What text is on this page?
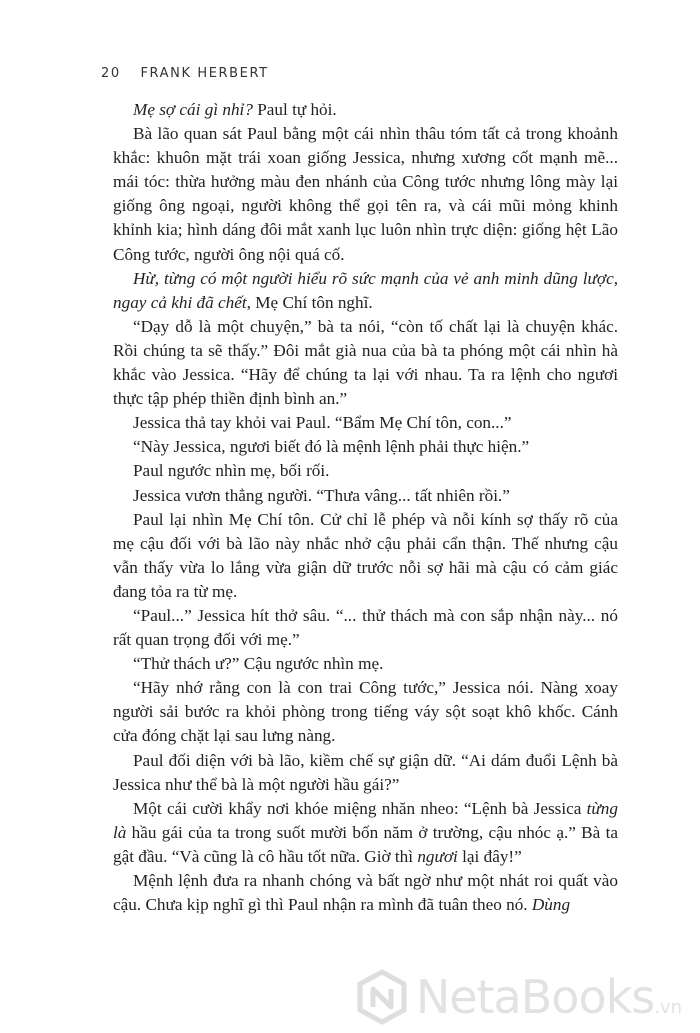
20 FRANK HERBERT

Mẹ sợ cái gì nhỉ? Paul tự hỏi.

Bà lão quan sát Paul bằng một cái nhìn thâu tóm tất cả trong khoảnh khắc: khuôn mặt trái xoan giống Jessica, nhưng xương cốt mạnh mẽ... mái tóc: thừa hưởng màu đen nhánh của Công tước nhưng lông mày lại giống ông ngoại, người không thể gọi tên ra, và cái mũi mỏng khinh khỉnh kia; hình dáng đôi mắt xanh lục luôn nhìn trực diện: giống hệt Lão Công tước, người ông nội quá cố.

Hừ, từng có một người hiểu rõ sức mạnh của vẻ anh minh dũng lược, ngay cả khi đã chết, Mẹ Chí tôn nghĩ.

“Dạy dỗ là một chuyện,” bà ta nói, “còn tố chất lại là chuyện khác. Rồi chúng ta sẽ thấy.” Đôi mắt già nua của bà ta phóng một cái nhìn hà khắc vào Jessica. “Hãy để chúng ta lại với nhau. Ta ra lệnh cho ngươi thực tập phép thiền định bình an.”

Jessica thả tay khỏi vai Paul. “Bẩm Mẹ Chí tôn, con...”

“Này Jessica, ngươi biết đó là mệnh lệnh phải thực hiện.”

Paul ngước nhìn mẹ, bối rối.

Jessica vươn thẳng người. “Thưa vâng... tất nhiên rồi.”

Paul lại nhìn Mẹ Chí tôn. Cử chỉ lễ phép và nỗi kính sợ thấy rõ của mẹ cậu đối với bà lão này nhắc nhở cậu phải cẩn thận. Thế nhưng cậu vẫn thấy vừa lo lắng vừa giận dữ trước nỗi sợ hãi mà cậu có cảm giác đang tỏa ra từ mẹ.

“Paul...” Jessica hít thở sâu. “... thử thách mà con sắp nhận này... nó rất quan trọng đối với mẹ.”

“Thử thách ư?” Cậu ngước nhìn mẹ.

“Hãy nhớ rằng con là con trai Công tước,” Jessica nói. Nàng xoay người sải bước ra khỏi phòng trong tiếng váy sột soạt khô khốc. Cánh cửa đóng chặt lại sau lưng nàng.

Paul đối diện với bà lão, kiềm chế sự giận dữ. “Ai dám đuổi Lệnh bà Jessica như thể bà là một người hầu gái?”

Một cái cười khẩy nơi khóe miệng nhăn nheo: “Lệnh bà Jessica từng là hầu gái của ta trong suốt mười bốn năm ở trường, cậu nhóc ạ.” Bà ta gật đầu. “Và cũng là cô hầu tốt nữa. Giờ thì ngươi lại đây!”

Mệnh lệnh đưa ra nhanh chóng và bất ngờ như một nhát roi quất vào cậu. Chưa kịp nghĩ gì thì Paul nhận ra mình đã tuân theo nó. Dùng

NetaBooks.vn
